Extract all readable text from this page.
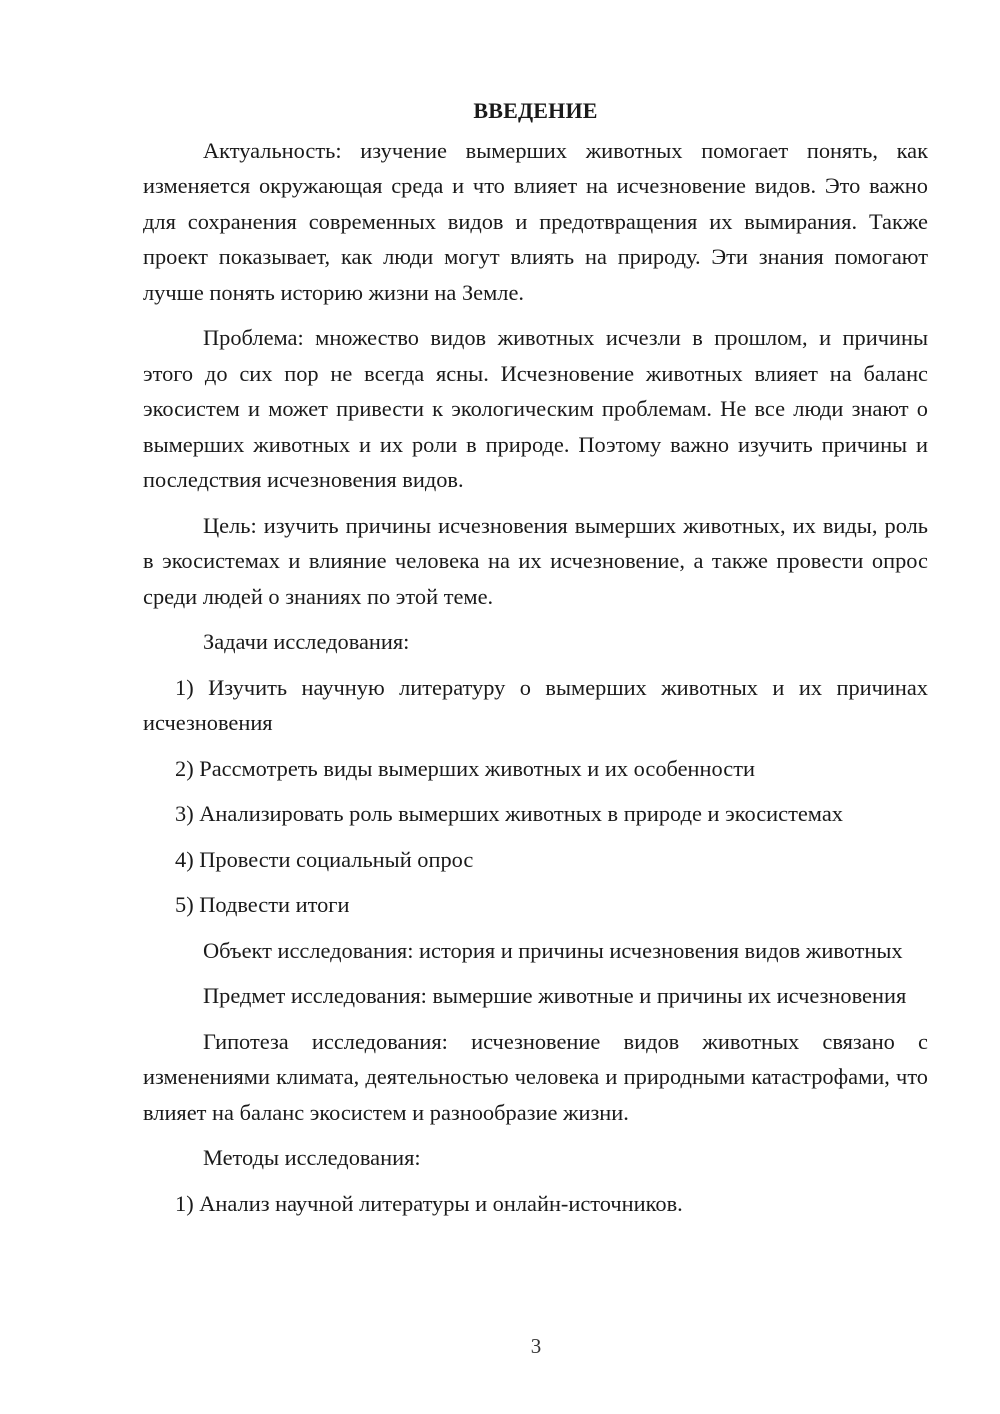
ВВЕДЕНИЕ

Актуальность: изучение вымерших животных помогает понять, как изменяется окружающая среда и что влияет на исчезновение видов. Это важно для сохранения современных видов и предотвращения их вымирания. Также проект показывает, как люди могут влиять на природу. Эти знания помогают лучше понять историю жизни на Земле.

Проблема: множество видов животных исчезли в прошлом, и причины этого до сих пор не всегда ясны. Исчезновение животных влияет на баланс экосистем и может привести к экологическим проблемам. Не все люди знают о вымерших животных и их роли в природе. Поэтому важно изучить причины и последствия исчезновения видов.

Цель: изучить причины исчезновения вымерших животных, их виды, роль в экосистемах и влияние человека на их исчезновение, а также провести опрос среди людей о знаниях по этой теме.

Задачи исследования:

1) Изучить научную литературу о вымерших животных и их причинах исчезновения

2) Рассмотреть виды вымерших животных и их особенности

3) Анализировать роль вымерших животных в природе и экосистемах

4) Провести социальный опрос

5) Подвести итоги

Объект исследования: история и причины исчезновения видов животных

Предмет исследования: вымершие животные и причины их исчезновения

Гипотеза исследования: исчезновение видов животных связано с изменениями климата, деятельностью человека и природными катастрофами, что влияет на баланс экосистем и разнообразие жизни.

Методы исследования:

1) Анализ научной литературы и онлайн-источников.

3
